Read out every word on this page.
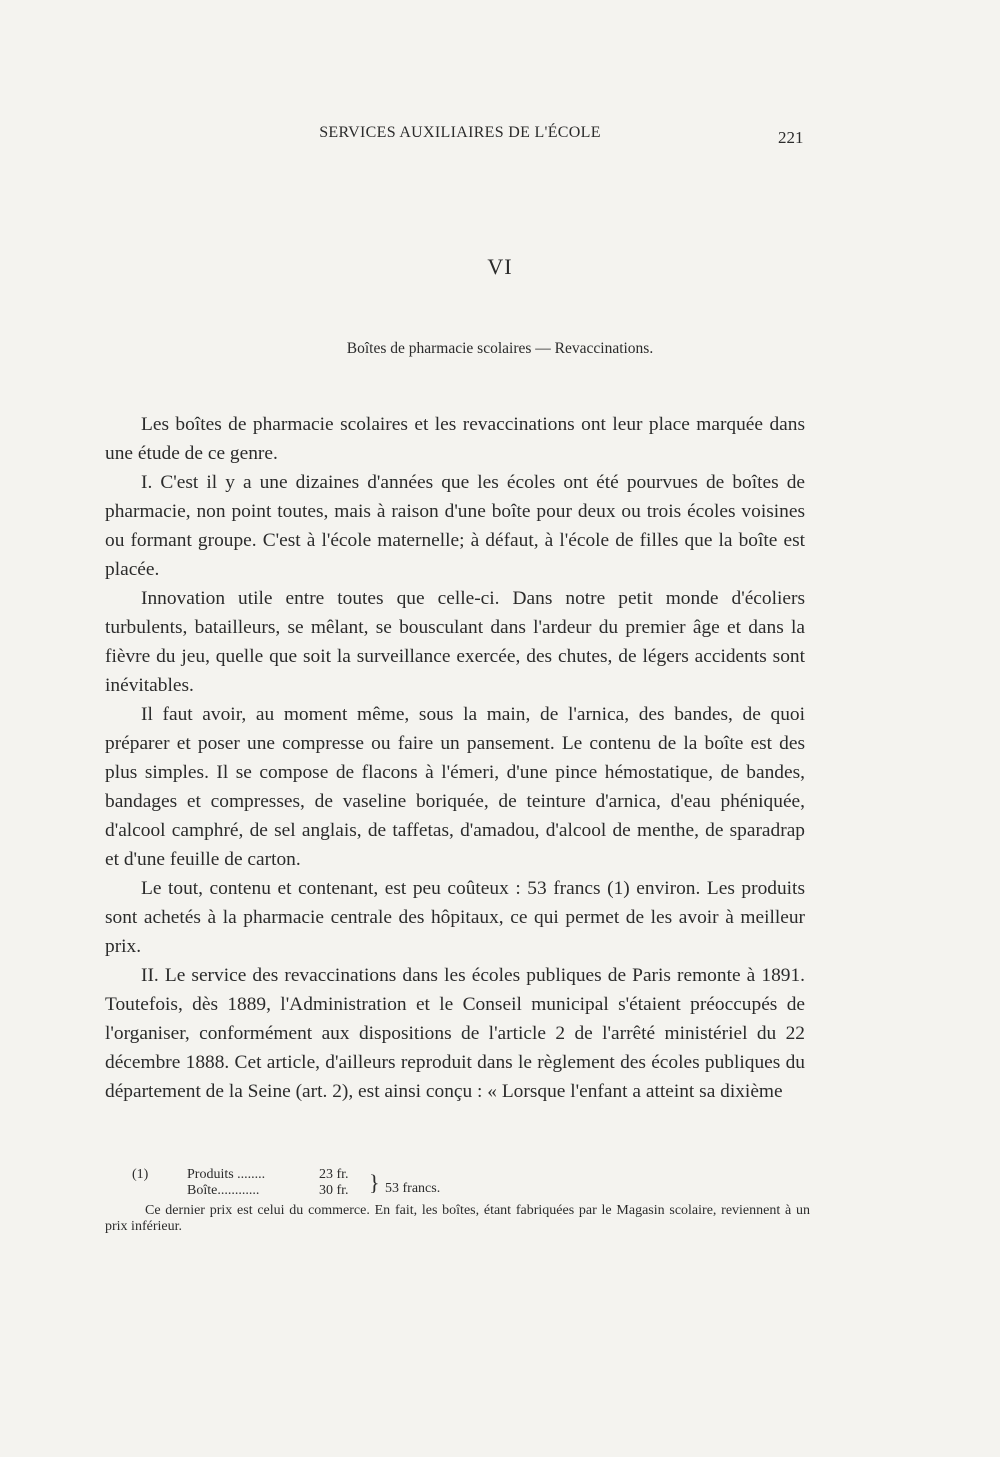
SERVICES AUXILIAIRES DE L'ÉCOLE	221
VI
Boîtes de pharmacie scolaires — Revaccinations.

Les boîtes de pharmacie scolaires et les revaccinations ont leur place marquée dans une étude de ce genre.

I. C'est il y a une dizaines d'années que les écoles ont été pourvues de boîtes de pharmacie, non point toutes, mais à raison d'une boîte pour deux ou trois écoles voisines ou formant groupe. C'est à l'école maternelle; à défaut, à l'école de filles que la boîte est placée.

Innovation utile entre toutes que celle-ci. Dans notre petit monde d'écoliers turbulents, batailleurs, se mêlant, se bousculant dans l'ardeur du premier âge et dans la fièvre du jeu, quelle que soit la surveillance exercée, des chutes, de légers accidents sont inévitables.

Il faut avoir, au moment même, sous la main, de l'arnica, des bandes, de quoi préparer et poser une compresse ou faire un pansement. Le contenu de la boîte est des plus simples. Il se compose de flacons à l'émeri, d'une pince hémostatique, de bandes, bandages et compresses, de vaseline boriquée, de teinture d'arnica, d'eau phéniquée, d'alcool camphré, de sel anglais, de taffetas, d'amadou, d'alcool de menthe, de sparadrap et d'une feuille de carton.

Le tout, contenu et contenant, est peu coûteux : 53 francs (1) environ. Les produits sont achetés à la pharmacie centrale des hôpitaux, ce qui permet de les avoir à meilleur prix.

II. Le service des revaccinations dans les écoles publiques de Paris remonte à 1891. Toutefois, dès 1889, l'Administration et le Conseil municipal s'étaient préoccupés de l'organiser, conformément aux dispositions de l'article 2 de l'arrêté ministériel du 22 décembre 1888. Cet article, d'ailleurs reproduit dans le règlement des écoles publiques du département de la Seine (art. 2), est ainsi conçu : « Lorsque l'enfant a atteint sa dixième

(1)	Produits ........	23 fr.
Boîte............	30 fr. } 53 francs.

Ce dernier prix est celui du commerce. En fait, les boîtes, étant fabriquées par le Magasin scolaire, reviennent à un prix inférieur.
